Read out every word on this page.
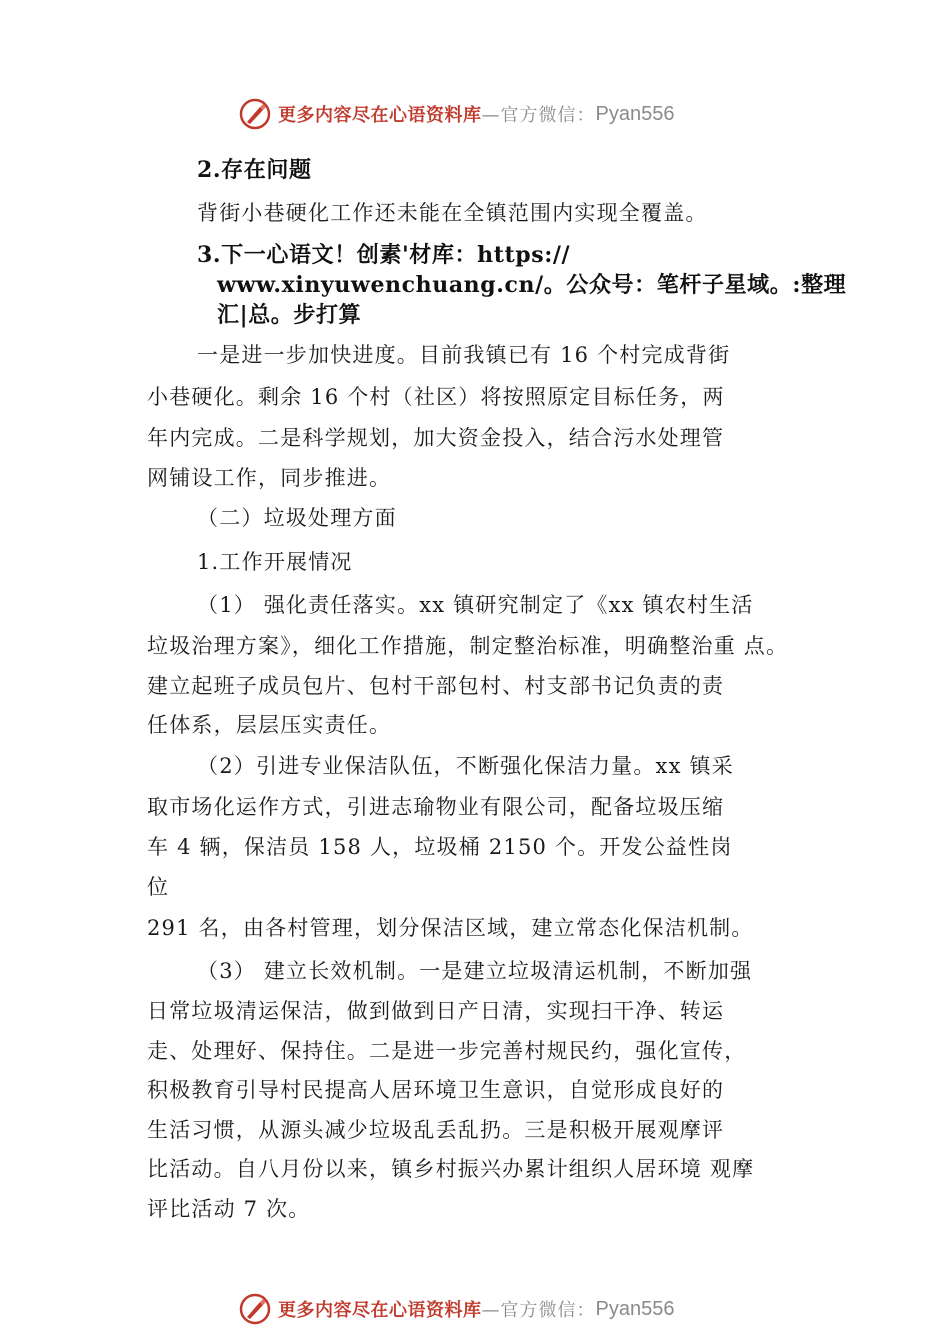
更多内容尽在心语资料库 —官方微信： Pyan556
2.存在问题
背街小巷硬化工作还未能在全镇范围内实现全覆盖。
3.下一心语文！创素'材库：https://
www.xinyuwenchuang.cn/。公众号：笔杆子星域。:整理
汇|总。步打算
一是进一步加快进度。目前我镇已有 16 个村完成背街
小巷硬化。剩余 16 个村（社区）将按照原定目标任务，两
年内完成。二是科学规划，加大资金投入，结合污水处理管
网铺设工作，同步推进。
（二）垃圾处理方面
1.工作开展情况
（1） 强化责任落实。xx 镇研究制定了《xx 镇农村生活
垃圾治理方案》，细化工作措施，制定整治标准，明确整治重 点。
建立起班子成员包片、包村干部包村、村支部书记负责的责
任体系，层层压实责任。
（2）引进专业保洁队伍，不断强化保洁力量。xx 镇采
取市场化运作方式，引进志瑜物业有限公司，配备垃圾压缩
车 4 辆，保洁员 158 人，垃圾桶 2150 个。开发公益性岗
位
291 名，由各村管理，划分保洁区域，建立常态化保洁机制。
（3） 建立长效机制。一是建立垃圾清运机制，不断加强
日常垃圾清运保洁，做到做到日产日清，实现扫干净、转运
走、处理好、保持住。二是进一步完善村规民约，强化宣传，
积极教育引导村民提高人居环境卫生意识，自觉形成良好的
生活习惯，从源头减少垃圾乱丢乱扔。三是积极开展观摩评
比活动。自八月份以来，镇乡村振兴办累计组织人居环境 观摩
评比活动 7 次。
更多内容尽在心语资料库 —官方微信： Pyan556
